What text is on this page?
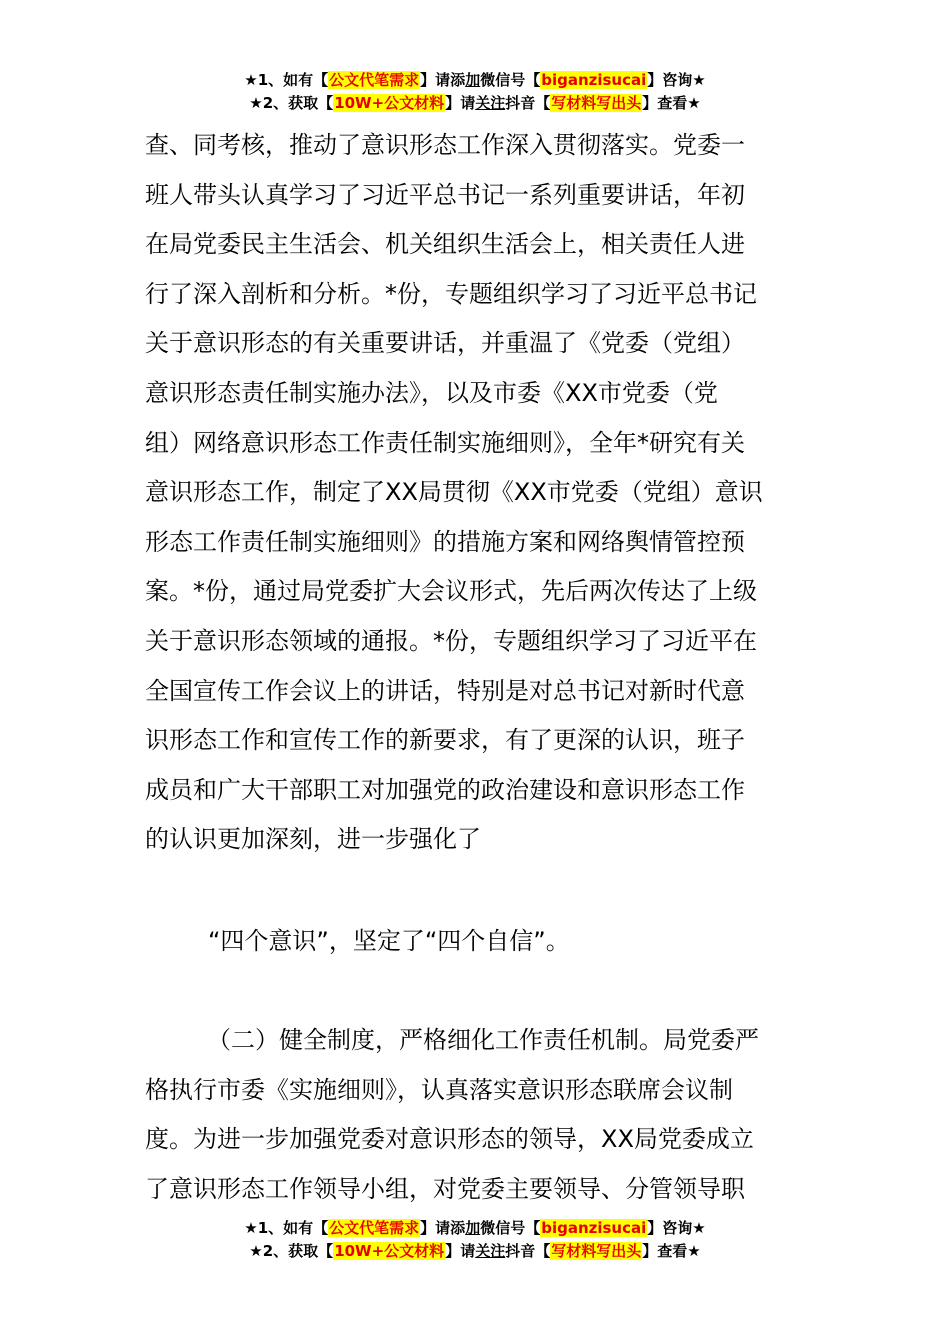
★1、如有【公文代笔需求】请添加微信号【biganzisucai】咨询★
★2、获取【10W+公文材料】请关注抖音【写材料写出头】查看★

查、同考核，推动了意识形态工作深入贯彻落实。党委一
班人带头认真学习了习近平总书记一系列重要讲话，年初
在局党委民主生活会、机关组织生活会上，相关责任人进
行了深入剖析和分析。*份，专题组织学习了习近平总书记
关于意识形态的有关重要讲话，并重温了《党委（党组）
意识形态责任制实施办法》，以及市委《XX市党委（党
组）网络意识形态工作责任制实施细则》，全年*研究有关
意识形态工作，制定了XX局贯彻《XX市党委（党组）意识
形态工作责任制实施细则》的措施方案和网络舆情管控预
案。*份，通过局党委扩大会议形式，先后两次传达了上级
关于意识形态领域的通报。*份，专题组织学习了习近平在
全国宣传工作会议上的讲话，特别是对总书记对新时代意
识形态工作和宣传工作的新要求，有了更深的认识，班子
成员和广大干部职工对加强党的政治建设和意识形态工作
的认识更加深刻，进一步强化了

“四个意识”，坚定了“四个自信”。
（二）健全制度，严格细化工作责任机制。局党委严
格执行市委《实施细则》，认真落实意识形态联席会议制
度。为进一步加强党委对意识形态的领导，XX局党委成立
了意识形态工作领导小组，对党委主要领导、分管领导职
★1、如有【公文代笔需求】请添加微信号【biganzisucai】咨询★
★2、获取【10W+公文材料】请关注抖音【写材料写出头】查看★
